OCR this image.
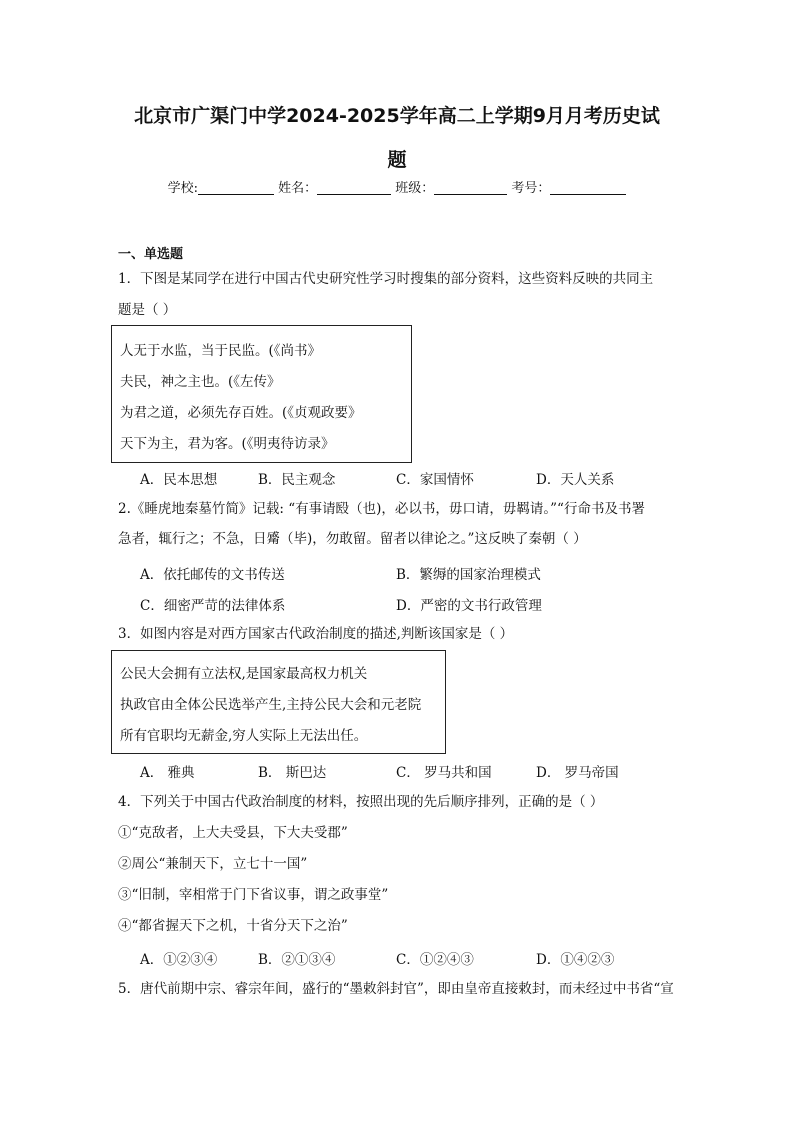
北京市广渠门中学2024-2025学年高二上学期9月月考历史试
题
学校:	姓名：	班级：	考号：
一、单选题
1．下图是某同学在进行中国古代史研究性学习时搜集的部分资料，这些资料反映的共同主
题是（ ）
人无于水监，当于民监。(《尚书》
夫民，神之主也。(《左传》
为君之道，必须先存百姓。(《贞观政要》
天下为主，君为客。(《明夷待访录》
A．民本思想	B．民主观念	C．家国情怀	D．天人关系
2.《睡虎地秦墓竹简》记载: “有事请殹（也)，必以书，毋口请，毋羁请。”“行命书及书署
急者，辄行之；不急，日觱（毕)，勿敢留。留者以律论之。”这反映了秦朝（ ）
A．依托邮传的文书传送	B．繁缛的国家治理模式
C．细密严苛的法律体系	D．严密的文书行政管理
3．如图内容是对西方国家古代政治制度的描述,判断该国家是（ ）
公民大会拥有立法权,是国家最高权力机关
执政官由全体公民选举产生,主持公民大会和元老院
所有官职均无薪金,穷人实际上无法出任。
A． 雅典	B． 斯巴达	C． 罗马共和国	D． 罗马帝国
4．下列关于中国古代政治制度的材料，按照出现的先后顺序排列，正确的是（ ）
①“克敌者，上大夫受县，下大夫受郡”
②周公“兼制天下，立七十一国”
③“旧制，宰相常于门下省议事，谓之政事堂”
④“都省握天下之机，十省分天下之治”
A．①②③④	B．②①③④	C．①②④③	D．①④②③
5．唐代前期中宗、睿宗年间，盛行的“墨敕斜封官”，即由皇帝直接敕封，而未经过中书省“宣
